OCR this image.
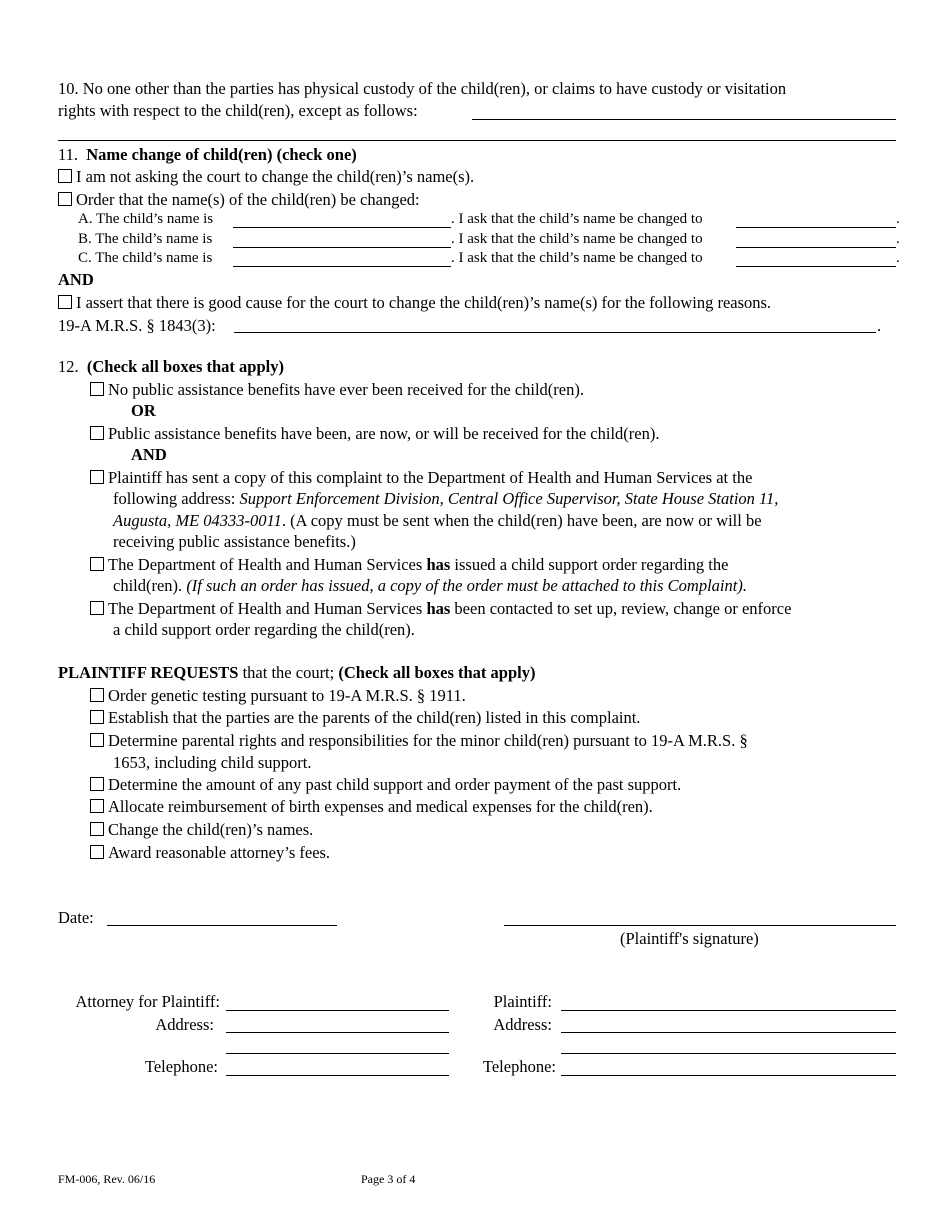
10. No one other than the parties has physical custody of the child(ren), or claims to have custody or visitation
rights with respect to the child(ren), except as follows:
11. Name change of child(ren) (check one)
I am not asking the court to change the child(ren)’s name(s).
Order that the name(s) of the child(ren) be changed:
A. The child’s name is	. I ask that the child’s name be changed to	.
B. The child’s name is	. I ask that the child’s name be changed to	.
C. The child’s name is	. I ask that the child’s name be changed to	.
AND
I assert that there is good cause for the court to change the child(ren)’s name(s) for the following reasons.
19-A M.R.S. § 1843(3):	.
12. (Check all boxes that apply)
No public assistance benefits have ever been received for the child(ren).
OR
Public assistance benefits have been, are now, or will be received for the child(ren).
AND
Plaintiff has sent a copy of this complaint to the Department of Health and Human Services at the
following address: Support Enforcement Division, Central Office Supervisor, State House Station 11,
Augusta, ME 04333-0011. (A copy must be sent when the child(ren) have been, are now or will be
receiving public assistance benefits.)
The Department of Health and Human Services has issued a child support order regarding the
child(ren). (If such an order has issued, a copy of the order must be attached to this Complaint).
The Department of Health and Human Services has been contacted to set up, review, change or enforce
a child support order regarding the child(ren).
PLAINTIFF REQUESTS that the court; (Check all boxes that apply)
Order genetic testing pursuant to 19-A M.R.S. § 1911.
Establish that the parties are the parents of the child(ren) listed in this complaint.
Determine parental rights and responsibilities for the minor child(ren) pursuant to 19-A M.R.S. §
1653, including child support.
Determine the amount of any past child support and order payment of the past support.
Allocate reimbursement of birth expenses and medical expenses for the child(ren).
Change the child(ren)’s names.
Award reasonable attorney’s fees.
Date:
(Plaintiff's signature)
Attorney for Plaintiff:
Address:
Telephone:
Plaintiff:
Address:
Telephone:
FM-006, Rev. 06/16	Page 3 of 4
